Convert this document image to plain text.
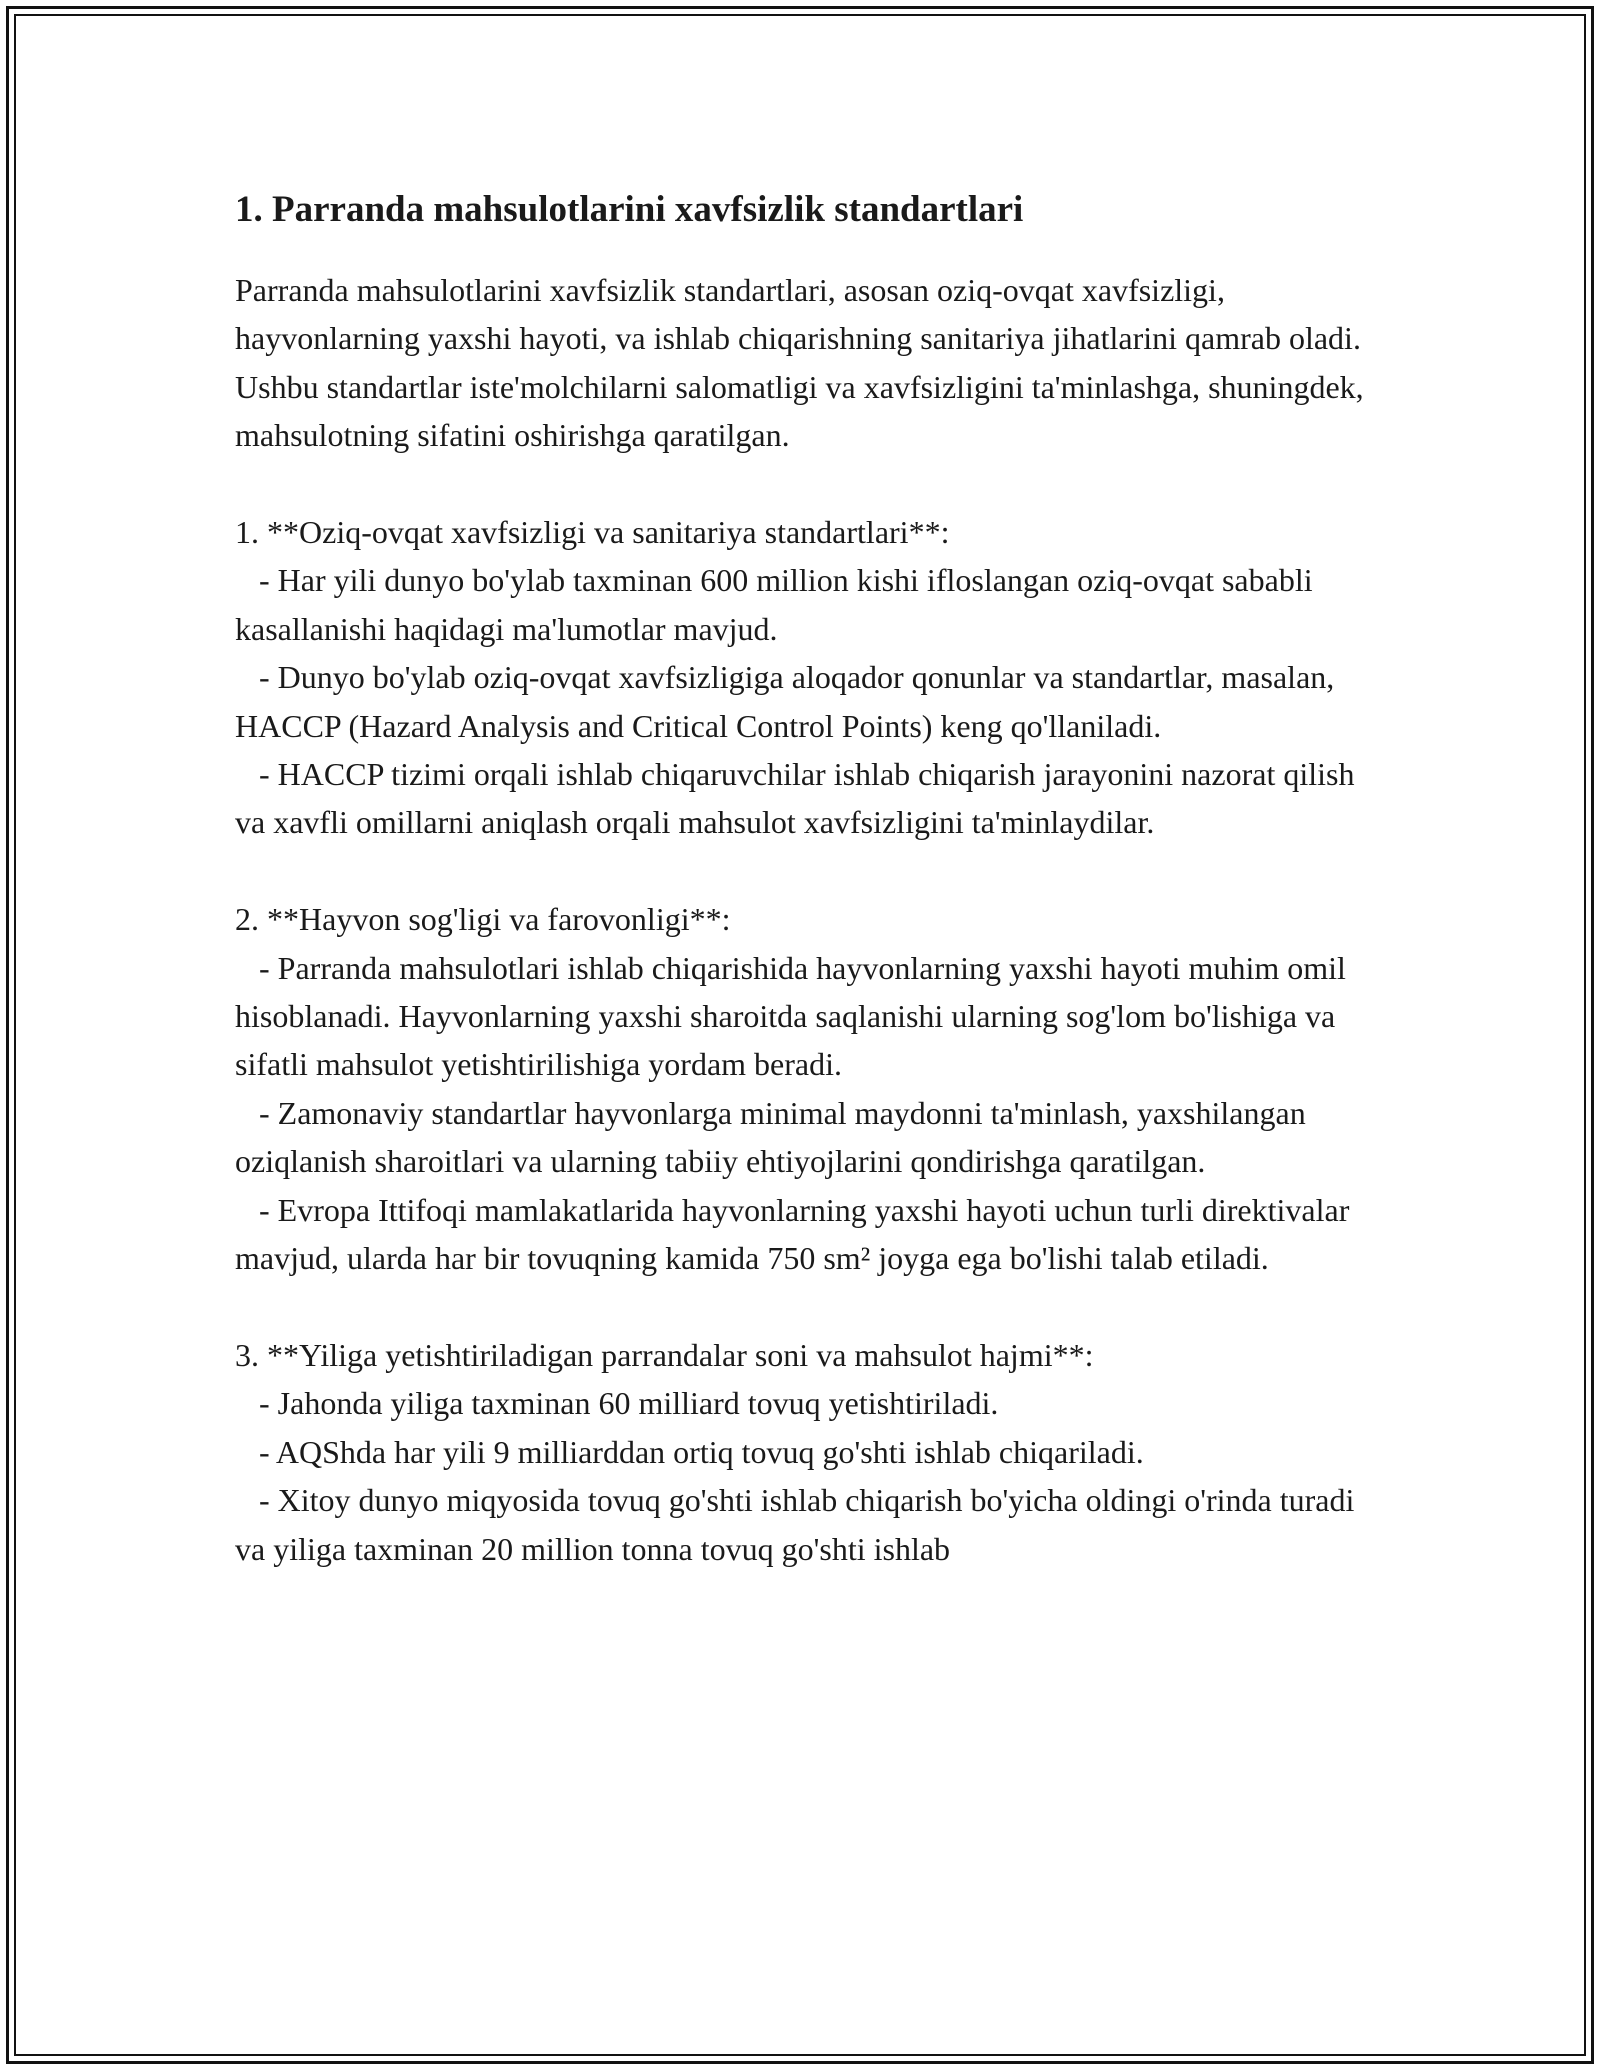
1. Parranda mahsulotlarini xavfsizlik standartlari

Parranda mahsulotlarini xavfsizlik standartlari, asosan oziq-ovqat xavfsizligi, hayvonlarning yaxshi hayoti, va ishlab chiqarishning sanitariya jihatlarini qamrab oladi. Ushbu standartlar iste'molchilarni salomatligi va xavfsizligini ta'minlashga, shuningdek, mahsulotning sifatini oshirishga qaratilgan.

1. **Oziq-ovqat xavfsizligi va sanitariya standartlari**:

- Har yili dunyo bo'ylab taxminan 600 million kishi ifloslangan oziq-ovqat sababli kasallanishi haqidagi ma'lumotlar mavjud.

- Dunyo bo'ylab oziq-ovqat xavfsizligiga aloqador qonunlar va standartlar, masalan, HACCP (Hazard Analysis and Critical Control Points) keng qo'llaniladi.

- HACCP tizimi orqali ishlab chiqaruvchilar ishlab chiqarish jarayonini nazorat qilish va xavfli omillarni aniqlash orqali mahsulot xavfsizligini ta'minlaydilar.

2. **Hayvon sog'ligi va farovonligi**:

- Parranda mahsulotlari ishlab chiqarishida hayvonlarning yaxshi hayoti muhim omil hisoblanadi. Hayvonlarning yaxshi sharoitda saqlanishi ularning sog'lom bo'lishiga va sifatli mahsulot yetishtirilishiga yordam beradi.

- Zamonaviy standartlar hayvonlarga minimal maydonni ta'minlash, yaxshilangan oziqlanish sharoitlari va ularning tabiiy ehtiyojlarini qondirishga qaratilgan.

- Evropa Ittifoqi mamlakatlarida hayvonlarning yaxshi hayoti uchun turli direktivalar mavjud, ularda har bir tovuqning kamida 750 sm² joyga ega bo'lishi talab etiladi.

3. **Yiliga yetishtiriladigan parrandalar soni va mahsulot hajmi**:

- Jahonda yiliga taxminan 60 milliard tovuq yetishtiriladi.

- AQShda har yili 9 milliarddan ortiq tovuq go'shti ishlab chiqariladi.

- Xitoy dunyo miqyosida tovuq go'shti ishlab chiqarish bo'yicha oldingi o'rinda turadi va yiliga taxminan 20 million tonna tovuq go'shti ishlab
